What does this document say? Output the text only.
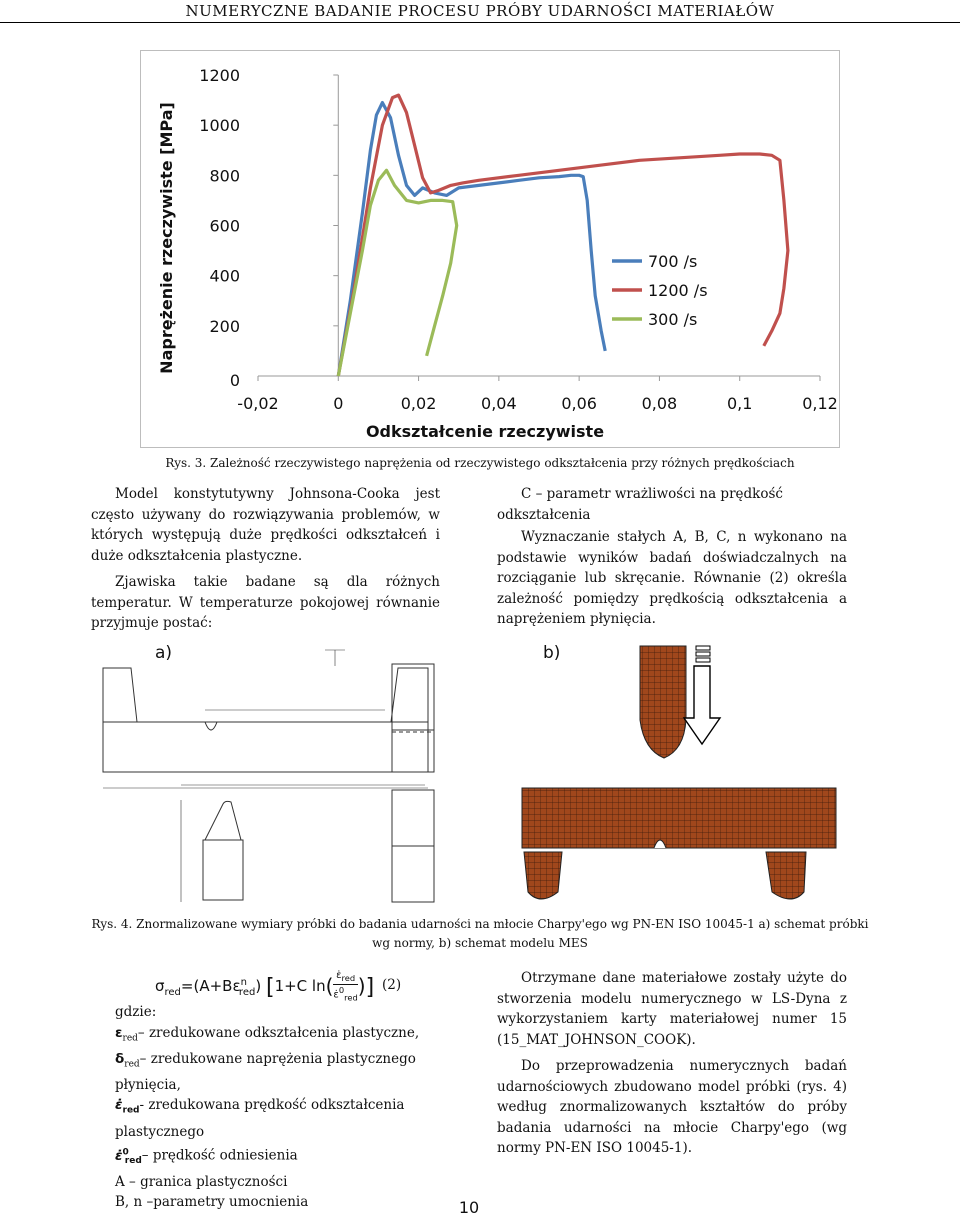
NUMERYCZNE BADANIE PROCESU PRÓBY UDARNOŚCI MATERIAŁÓW
Naprężenie rzeczywiste [MPa]
Odkształcenie rzeczywiste
-0,02	0	0,02	0,04	0,06	0,08	0,1	0,12
0
200
400
600
800
1000
1200
700 /s
1200 /s
300 /s
Rys. 3. Zależność rzeczywistego naprężenia od rzeczywistego odkształcenia przy różnych prędkościach

Model konstytutywny Johnsona-Cooka jest często używany do rozwiązywania problemów, w których występują duże prędkości odkształceń i duże odkształcenia plastyczne.

Zjawiska takie badane są dla różnych temperatur. W temperaturze pokojowej równanie przyjmuje postać:

C – parametr wrażliwości na prędkość odkształcenia

Wyznaczanie stałych A, B, C, n wykonano na podstawie wyników badań doświadczalnych na rozciąganie lub skręcanie. Równanie (2) określa zależność pomiędzy prędkością odkształcenia a naprężeniem płynięcia.

a)	b)
Rys. 4. Znormalizowane wymiary próbki do badania udarności na młocie Charpy'ego wg PN-EN ISO 10045-1 a) schemat próbki
wg normy, b) schemat modelu MES
$\sigma_{red}=(A+B\varepsilon^n_{red})$ [1+C ln( $\varepsiloṅ_{red}$
ε̇$^0_{red}$ )] (2)
gdzie:
$\varepsilon_{red}-$ zredukowane odkształcenia plastyczne,
$\delta_{red}-$ zredukowane naprężenia plastycznego płynięcia,
$\varepsiloṅ_{red}-$ zredukowana prędkość odkształcenia plastycznego
ε̇$^0_{red}$– prędkość odniesienia
A – granica plastyczności
B, n –parametry umocnienia

Otrzymane dane materiałowe zostały użyte do stworzenia modelu numerycznego w LS-Dyna z wykorzystaniem karty materiałowej numer 15 (15_MAT_JOHNSON_COOK).

Do przeprowadzenia numerycznych badań udarnościowych zbudowano model próbki (rys. 4) według znormalizowanych kształtów do próby badania udarności na młocie Charpy'ego (wg normy PN-EN ISO 10045-1).

10
